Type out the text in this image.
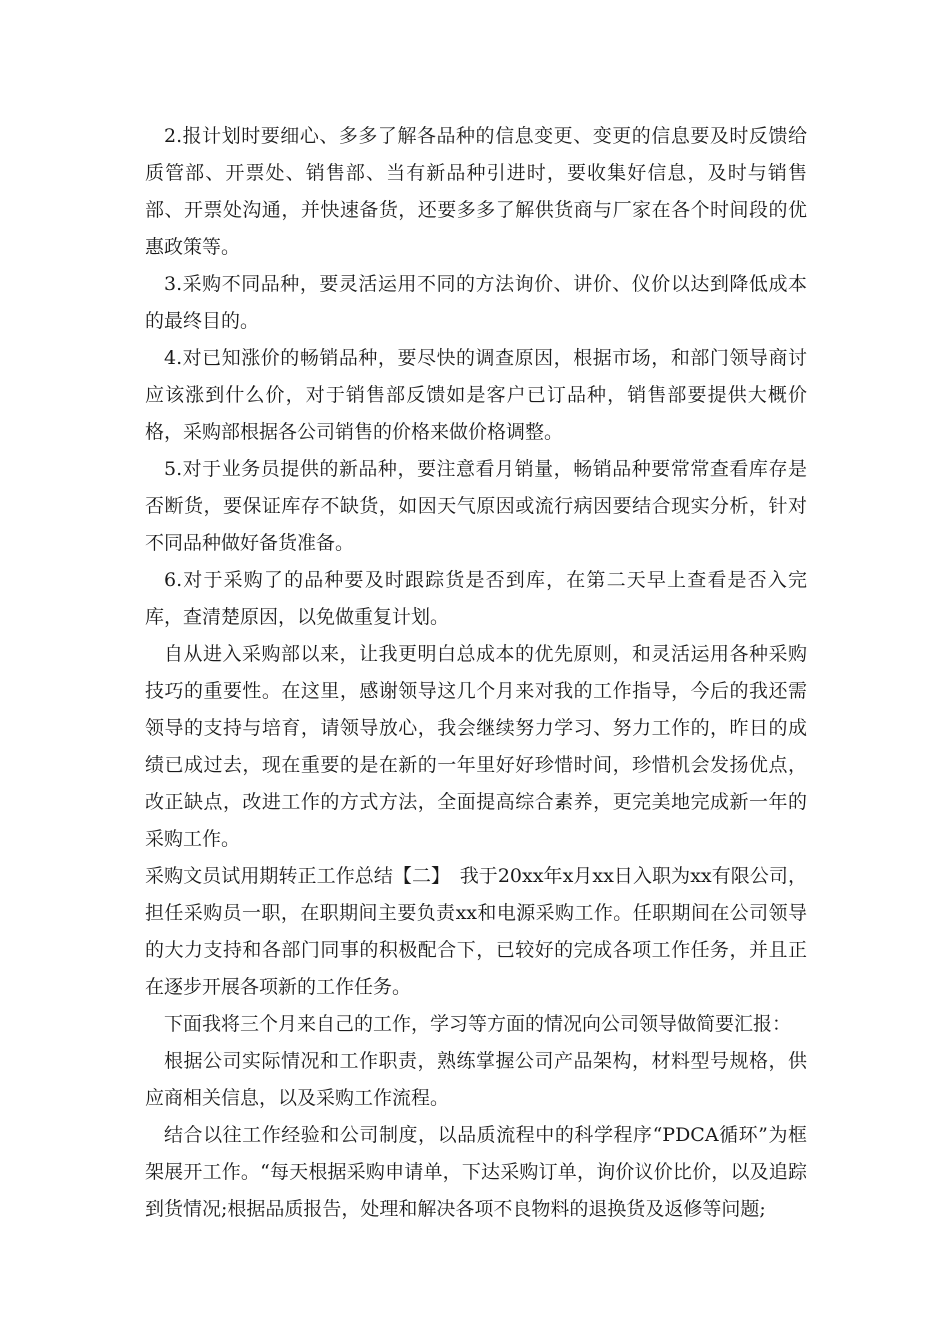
2.报计划时要细心、多多了解各品种的信息变更、变更的信息要及时反馈给质管部、开票处、销售部、当有新品种引进时，要收集好信息，及时与销售部、开票处沟通，并快速备货，还要多多了解供货商与厂家在各个时间段的优惠政策等。

3.采购不同品种，要灵活运用不同的方法询价、讲价、仪价以达到降低成本的最终目的。

4.对已知涨价的畅销品种，要尽快的调查原因，根据市场，和部门领导商讨应该涨到什么价，对于销售部反馈如是客户已订品种，销售部要提供大概价格，采购部根据各公司销售的价格来做价格调整。

5.对于业务员提供的新品种，要注意看月销量，畅销品种要常常查看库存是否断货，要保证库存不缺货，如因天气原因或流行病因要结合现实分析，针对不同品种做好备货准备。

6.对于采购了的品种要及时跟踪货是否到库，在第二天早上查看是否入完库，查清楚原因，以免做重复计划。

自从进入采购部以来，让我更明白总成本的优先原则，和灵活运用各种采购技巧的重要性。在这里，感谢领导这几个月来对我的工作指导，今后的我还需领导的支持与培育，请领导放心，我会继续努力学习、努力工作的，昨日的成绩已成过去，现在重要的是在新的一年里好好珍惜时间，珍惜机会发扬优点，改正缺点，改进工作的方式方法，全面提高综合素养，更完美地完成新一年的采购工作。

采购文员试用期转正工作总结【二】　我于20xx年x月xx日入职为xx有限公司，担任采购员一职，在职期间主要负责xx和电源采购工作。任职期间在公司领导的大力支持和各部门同事的积极配合下，已较好的完成各项工作任务，并且正在逐步开展各项新的工作任务。

下面我将三个月来自己的工作，学习等方面的情况向公司领导做简要汇报：

根据公司实际情况和工作职责，熟练掌握公司产品架构，材料型号规格，供应商相关信息，以及采购工作流程。

结合以往工作经验和公司制度，以品质流程中的科学程序“PDCA循环”为框架展开工作。“每天根据采购申请单，下达采购订单，询价议价比价，以及追踪到货情况;根据品质报告，处理和解决各项不良物料的退换货及返修等问题;
